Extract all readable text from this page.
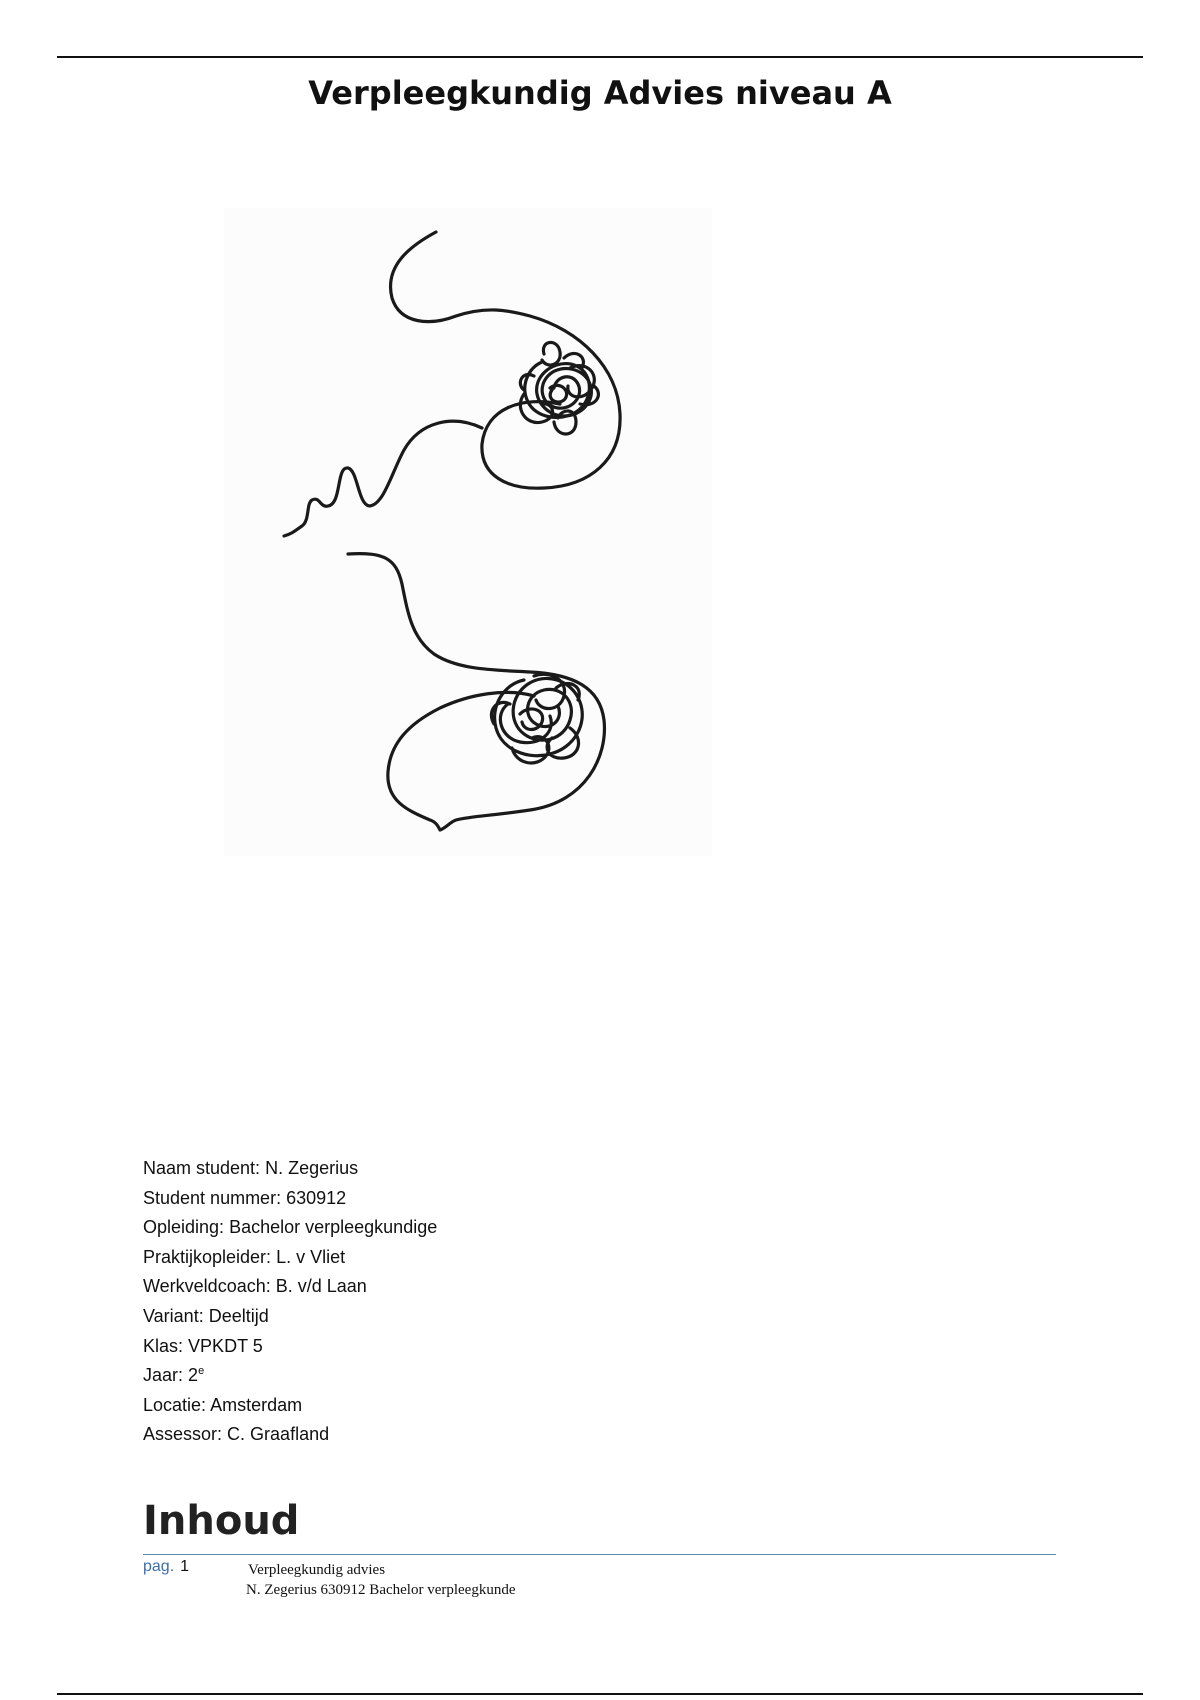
Verpleegkundig Advies niveau A
Naam student: N. Zegerius
Student nummer: 630912
Opleiding: Bachelor verpleegkundige
Praktijkopleider: L. v Vliet
Werkveldcoach: B. v/d Laan
Variant: Deeltijd
Klas: VPKDT 5
Jaar: 2e
Locatie: Amsterdam
Assessor: C. Graafland
Inhoud
pag. 1	Verpleegkundig advies
N. Zegerius 630912 Bachelor verpleegkunde
